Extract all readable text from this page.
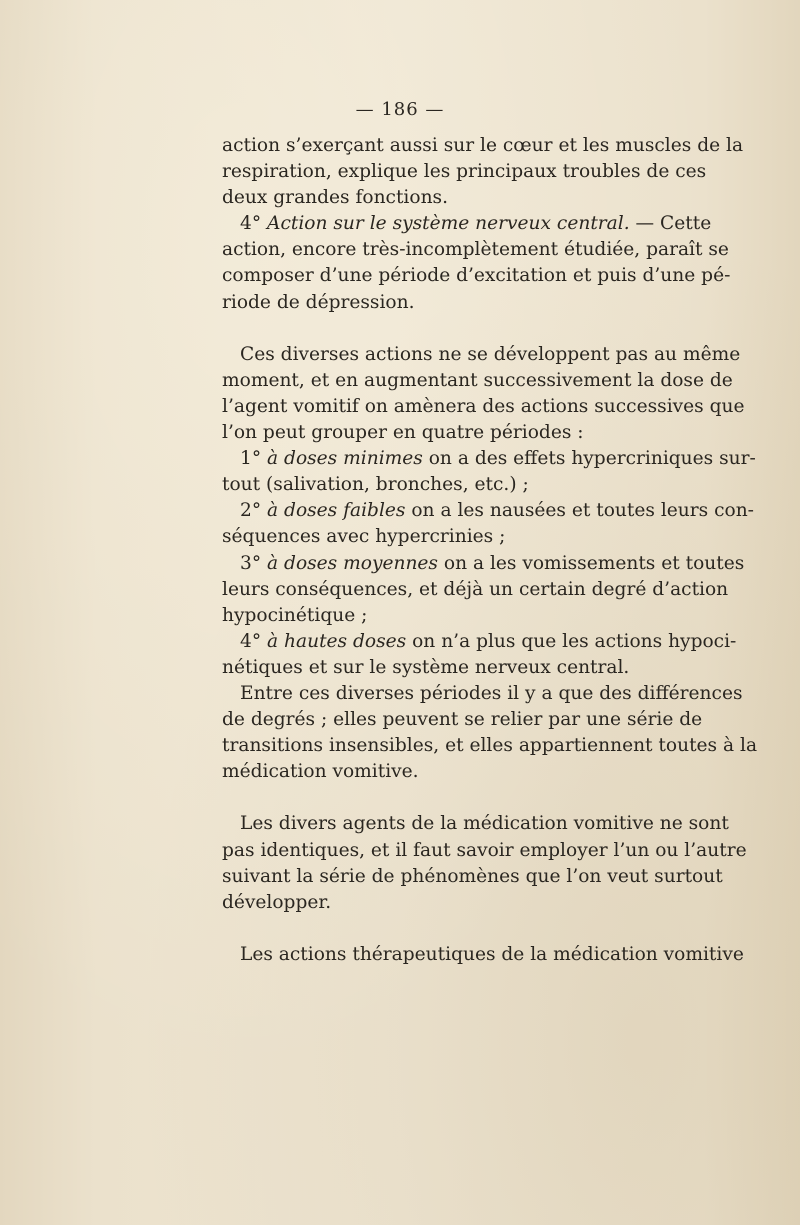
— 186 —
action s’exerçant aussi sur le cœur et les muscles de la
respiration, explique les principaux troubles de ces
deux grandes fonctions.
4° Action sur le système nerveux central. — Cette
action, encore très-incomplètement étudiée, paraît se
composer d’une période d’excitation et puis d’une pé-
riode de dépression.
Ces diverses actions ne se développent pas au même
moment, et en augmentant successivement la dose de
l’agent vomitif on amènera des actions successives que
l’on peut grouper en quatre périodes :
1° à doses minimes on a des effets hypercriniques sur-
tout (salivation, bronches, etc.) ;
2° à doses faibles on a les nausées et toutes leurs con-
séquences avec hypercrinies ;
3° à doses moyennes on a les vomissements et toutes
leurs conséquences, et déjà un certain degré d’action
hypocinétique ;
4° à hautes doses on n’a plus que les actions hypoci-
nétiques et sur le système nerveux central.
Entre ces diverses périodes il y a que des différences
de degrés ; elles peuvent se relier par une série de
transitions insensibles, et elles appartiennent toutes à la
médication vomitive.
Les divers agents de la médication vomitive ne sont
pas identiques, et il faut savoir employer l’un ou l’autre
suivant la série de phénomènes que l’on veut surtout
développer.
Les actions thérapeutiques de la médication vomitive
